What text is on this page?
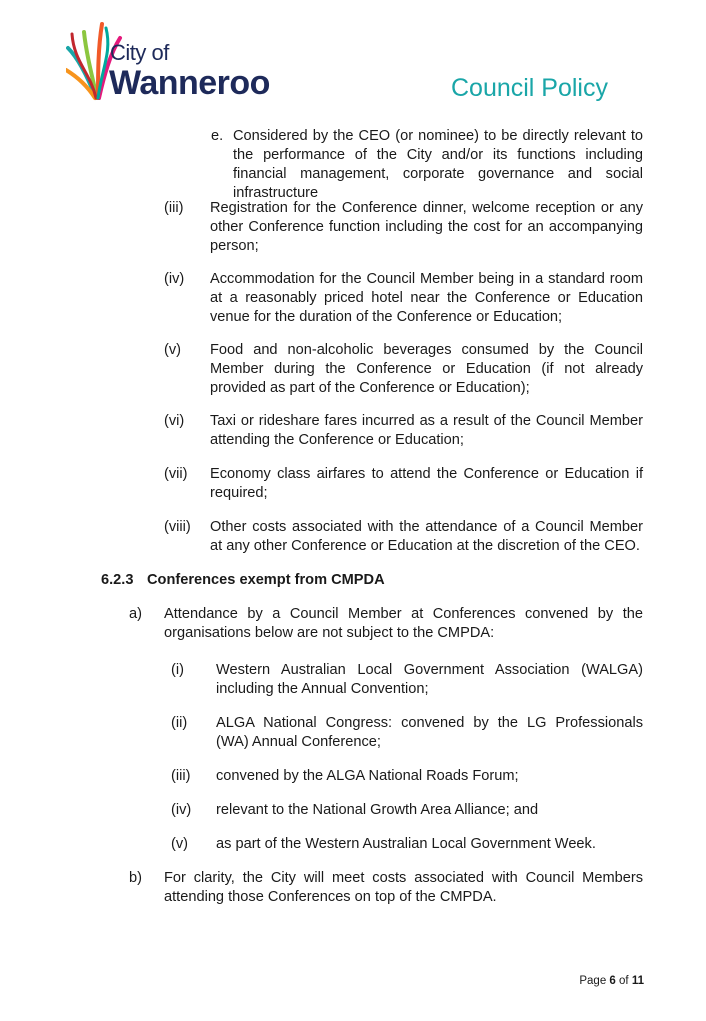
City of
Wanneroo	Council Policy
e. Considered by the CEO (or nominee) to be directly relevant to the performance of the City and/or its functions including financial management, corporate governance and social infrastructure
(iii) Registration for the Conference dinner, welcome reception or any other Conference function including the cost for an accompanying person;
(iv) Accommodation for the Council Member being in a standard room at a reasonably priced hotel near the Conference or Education venue for the duration of the Conference or Education;
(v) Food and non-alcoholic beverages consumed by the Council Member during the Conference or Education (if not already provided as part of the Conference or Education);
(vi) Taxi or rideshare fares incurred as a result of the Council Member attending the Conference or Education;
(vii) Economy class airfares to attend the Conference or Education if required;
(viii) Other costs associated with the attendance of a Council Member at any other Conference or Education at the discretion of the CEO.
6.2.3 Conferences exempt from CMPDA
a) Attendance by a Council Member at Conferences convened by the organisations below are not subject to the CMPDA:
(i) Western Australian Local Government Association (WALGA) including the Annual Convention;
(ii) ALGA National Congress: convened by the LG Professionals (WA) Annual Conference;
(iii) convened by the ALGA National Roads Forum;
(iv) relevant to the National Growth Area Alliance; and
(v) as part of the Western Australian Local Government Week.
b) For clarity, the City will meet costs associated with Council Members attending those Conferences on top of the CMPDA.
Page 6 of 11
